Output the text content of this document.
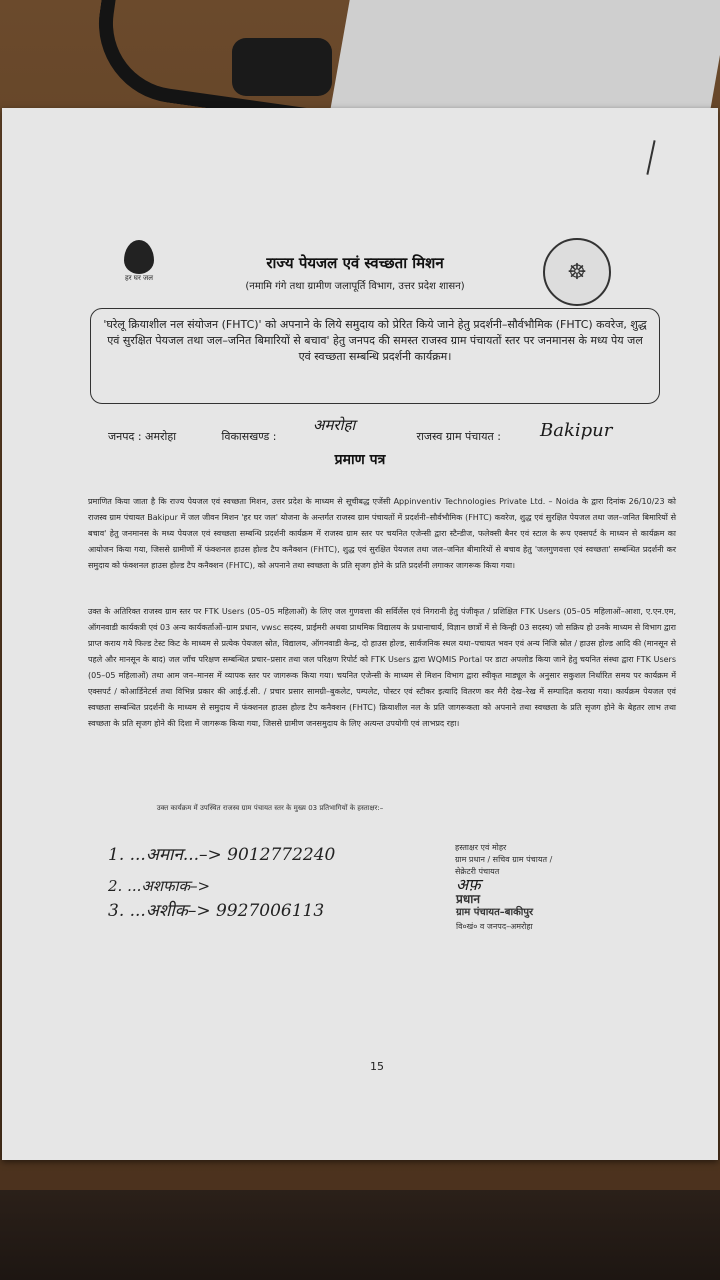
हर घर जल	☸
राज्य पेयजल एवं स्वच्छता मिशन
(नमामि गंगे तथा ग्रामीण जलापूर्ति विभाग, उत्तर प्रदेश शासन)
'घरेलू क्रियाशील नल संयोजन (FHTC)' को अपनाने के लिये समुदाय को प्रेरित किये जाने हेतु प्रदर्शनी–सौर्वभौमिक (FHTC) कवरेज, शुद्ध एवं सुरक्षित पेयजल तथा जल–जनित बिमारियों से बचाव' हेतु जनपद की समस्त राजस्व ग्राम पंचायतों स्तर पर जनमानस के मध्य पेय जल एवं स्वच्छता सम्बन्धि प्रदर्शनी कार्यक्रम।
जनपद : अमरोहा	विकासखण्ड : अमरोहा राजस्व ग्राम पंचायत : Bakipur
प्रमाण पत्र
प्रमाणित किया जाता है कि राज्य पेयजल एवं स्वच्छता मिशन, उत्तर प्रदेश के माध्यम से सूचीबद्ध एजेंसी Appinventiv Technologies Private Ltd. – Noida के द्वारा दिनांक 26/10/23 को राजस्व ग्राम पंचायत Bakipur में जल जीवन मिशन 'हर घर जल' योजना के अन्तर्गत राजस्व ग्राम पंचायतों में प्रदर्शनी–सौर्वभौमिक (FHTC) कवरेज, शुद्ध एवं सुरक्षित पेयजल तथा जल–जनित बिमारियों से बचाव' हेतु जनमानस के मध्य पेयजल एवं स्वच्छता सम्बन्धि प्रदर्शनी कार्यक्रम में राजस्व ग्राम स्तर पर चयनित एजेन्सी द्वारा स्टैन्डीज, फलेक्सी बैनर एवं स्टाल के रूप एक्सपर्ट के माध्यन से कार्यक्रम का आयोजन किया गया, जिससे ग्रामीणों में फंक्शनल हाउस होल्ड टैप कनैक्शन (FHTC), शुद्ध एवं सुरक्षित पेयजल तथा जल–जनित बीमारियों से बचाव हेतु 'जलगुणवत्ता एवं स्वच्छता' सम्बन्धित प्रदर्शनी कर समुदाय को फंक्शनल हाउस होल्ड टैप कनैक्शन (FHTC), को अपनाने तथा स्वच्छता के प्रति सृजग होने के प्रति प्रदर्शनी लगाकर जागरूक किया गया।
उक्त के अतिरिक्त राजस्व ग्राम स्तर पर FTK Users (05–05 महिलाओं) के लिए जल गुणवत्ता की सर्विलेंस एवं निगरानी हेतु पंजीकृत / प्रशिक्षित FTK Users (05–05 महिलाओं–आशा, ए.एन.एम, ऑगनवाडी कार्यकत्री एवं 03 अन्य कार्यकर्ताओं–ग्राम प्रधान, vwsc सदस्य, प्राईमरी अथवा प्राथमिक विद्यालय के प्रधानाचार्य, विज्ञान छात्रों में से किन्ही 03 सदस्य) जो सक्रिय हो उनके माध्यम से विभाग द्वारा प्राप्त कराय गये फिल्ड टेस्ट किट के माध्यम से प्रत्येक पेयजल स्रोत, विद्यालय, ऑगनवाडी केन्द्र, दो हाउस होल्ड, सार्वजनिक स्थल यथा–पचायत भवन एवं अन्य निजि स्रोत / हाउस होल्ड आदि की (मानसून से पहले और मानसून के बाद) जल जाँच परिक्षण सम्बन्धित प्रचार–प्रसार तथा जल परिक्षण रिपोर्ट को FTK Users द्वारा WQMIS Portal पर डाटा अपलोड किया जाने हेतु चयनित संस्था द्वारा FTK Users (05–05 महिलाओं) तथा आम जन–मानस में व्यापक स्तर पर जागरूक किया गया। चयनित एजेन्सी के माध्यम से मिशन विभाग द्वारा स्वीकृत माड्यूल के अनुसार सकुशल निर्धारित समय पर कार्यक्रम में एक्सपर्ट / कोआर्डिनेटर्स तथा विभिन्न प्रकार की आई.ई.सी. / प्रचार प्रसार सामग्री–बुकलेट, पम्पलेट, पोस्टर एवं स्टीकर इत्यादि वितरण कर मैरी देख–रेख में सम्पादित कराया गया। कार्यक्रम पेयजल एवं स्वच्छता सम्बन्धित प्रदर्शनी के माध्यम से समुदाय में फंक्शनल हाउस होल्ड टैप कनैक्शन (FHTC) क्रियाशील नल के प्रति जागरूकता को अपनाने तथा स्वच्छता के प्रति सृजग होने के बेहतर लाभ तथा स्वच्छता के प्रति सृजग होने की दिशा में जागरूक किया गया, जिससे ग्रामीण जनसमुदाय के लिए अत्यन्त उपयोगी एवं लाभप्रद रहा।
उक्त कार्यक्रम में उपस्थित राजस्व ग्राम पंचायत स्तर के मुख्य 03 प्रतिभागियों के हस्ताक्षर:–
हस्ताक्षर एवं मोहर
ग्राम प्रधान / सचिव ग्राम पंचायत /
सेक्रेटरी पंचायत
1. ...अमान...–> 9012772240
2. ...अशफाक–>
3. ...अशीक–> 9927006113
अफ़
प्रधान
ग्राम पंचायत–बाकीपुर
वि०खं० व जनपद–अमरोहा
15
